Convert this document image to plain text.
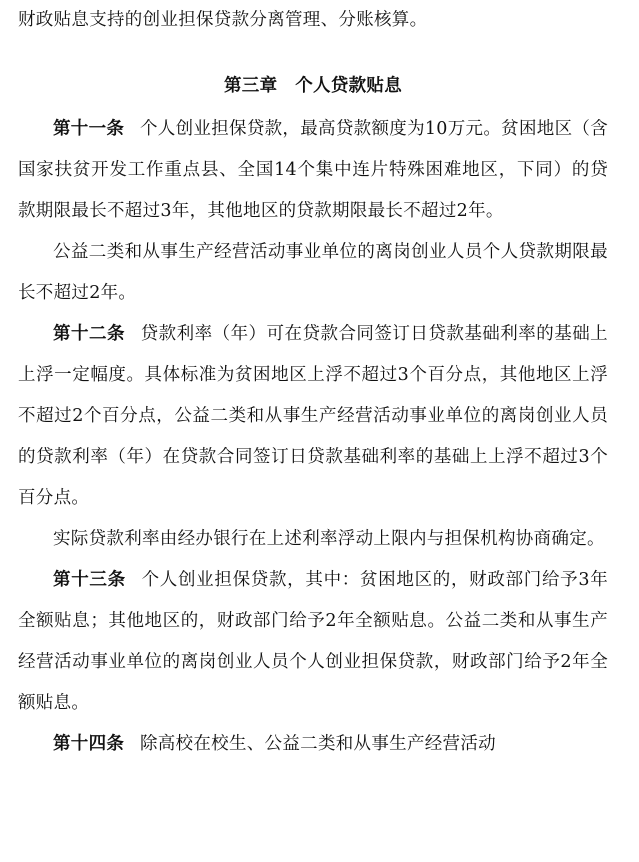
财政贴息支持的创业担保贷款分离管理、分账核算。

第三章　个人贷款贴息

第十一条 个人创业担保贷款，最高贷款额度为10万元。贫困地区（含国家扶贫开发工作重点县、全国14个集中连片特殊困难地区，下同）的贷款期限最长不超过3年，其他地区的贷款期限最长不超过2年。

公益二类和从事生产经营活动事业单位的离岗创业人员个人贷款期限最长不超过2年。

第十二条 贷款利率（年）可在贷款合同签订日贷款基础利率的基础上上浮一定幅度。具体标准为贫困地区上浮不超过3个百分点，其他地区上浮不超过2个百分点，公益二类和从事生产经营活动事业单位的离岗创业人员的贷款利率（年）在贷款合同签订日贷款基础利率的基础上上浮不超过3个百分点。

实际贷款利率由经办银行在上述利率浮动上限内与担保机构协商确定。

第十三条 个人创业担保贷款，其中：贫困地区的，财政部门给予3年全额贴息；其他地区的，财政部门给予2年全额贴息。公益二类和从事生产经营活动事业单位的离岗创业人员个人创业担保贷款，财政部门给予2年全额贴息。

第十四条 除高校在校生、公益二类和从事生产经营活动
